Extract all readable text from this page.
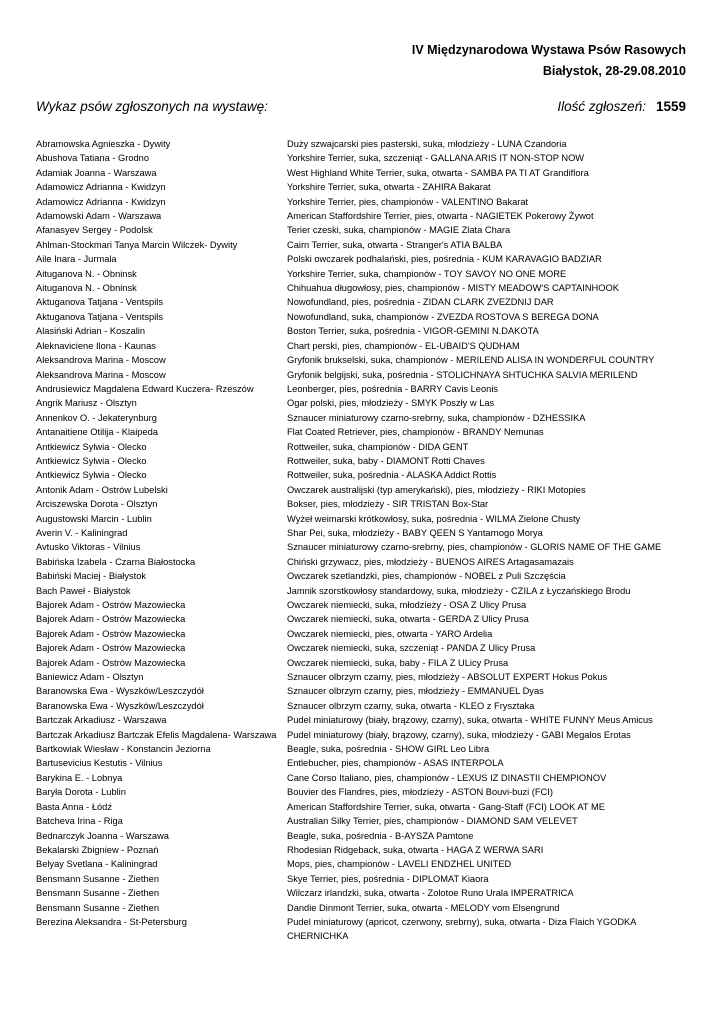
IV Międzynarodowa Wystawa Psów Rasowych
Białystok, 28-29.08.2010
Wykaz psów zgłoszonych na wystawę:	Ilość zgłoszeń: 1559
Abramowska Agnieszka - Dywity	Duży szwajcarski pies pasterski, suka, młodzieży - LUNA Czandoria
Abushova Tatiana - Grodno	Yorkshire Terrier, suka, szczeniąt - GALLANA ARIS IT NON-STOP NOW
Adamiak Joanna - Warszawa	West Highland White Terrier, suka, otwarta - SAMBA PA TI AT Grandiflora
Adamowicz Adrianna - Kwidzyn	Yorkshire Terrier, suka, otwarta - ZAHIRA Bakarat
Adamowicz Adrianna - Kwidzyn	Yorkshire Terrier, pies, championów - VALENTINO Bakarat
Adamowski Adam - Warszawa	American Staffordshire Terrier, pies, otwarta - NAGIETEK Pokerowy Żywot
Afanasyev Sergey - Podolsk	Terier czeski, suka, championów - MAGIE Zlata Chara
Ahlman-Stockmari Tanya Marcin Wilczek- Dywity	Cairn Terrier, suka, otwarta - Stranger's ATIA BALBA
Aile Inara - Jurmala	Polski owczarek podhalański, pies, pośrednia - KUM KARAVAGIO BADZIAR
Aituganova N. - Obninsk	Yorkshire Terrier, suka, championów - TOY SAVOY NO ONE MORE
Aituganova N. - Obninsk	Chihuahua długowłosy, pies, championów - MISTY MEADOW'S CAPTAINHOOK
Aktuganova Tatjana - Ventspils	Nowofundland, pies, pośrednia - ZIDAN CLARK ZVEZDNIJ DAR
Aktuganova Tatjana - Ventspils	Nowofundland, suka, championów - ZVEZDA ROSTOVA S BEREGA DONA
Alasiński Adrian - Koszalin	Boston Terrier, suka, pośrednia - VIGOR-GEMINI N.DAKOTA
Aleknaviciene Ilona - Kaunas	Chart perski, pies, championów - EL-UBAID'S QUDHAM
Aleksandrova Marina - Moscow	Gryfonik brukselski, suka, championów - MERILEND ALISA IN WONDERFUL COUNTRY
Aleksandrova Marina - Moscow	Gryfonik belgijski, suka, pośrednia - STOLICHNAYA SHTUCHKA SALVIA MERILEND
Andrusiewicz Magdalena Edward Kuczera- Rzeszów	Leonberger, pies, pośrednia - BARRY Cavis Leonis
Angrik Mariusz - Olsztyn	Ogar polski, pies, młodzieży - SMYK Poszły w Las
Annenkov O. - Jekaterynburg	Sznaucer miniaturowy czarno-srebrny, suka, championów - DZHESSIKA
Antanaitiene Otilija - Klaipeda	Flat Coated Retriever, pies, championów - BRANDY Nemunas
Antkiewicz Sylwia - Olecko	Rottweiler, suka, championów - DIDA GENT
Antkiewicz Sylwia - Olecko	Rottweiler, suka, baby - DIAMONT Rotti Chaves
Antkiewicz Sylwia - Olecko	Rottweiler, suka, pośrednia - ALASKA Addict Rottis
Antonik Adam - Ostrów Lubelski	Owczarek australijski (typ amerykański), pies, młodzieży - RIKI Motopies
Arciszewska Dorota - Olsztyn	Bokser, pies, młodzieży - SIR TRISTAN Box-Star
Augustowski Marcin - Lublin	Wyżeł weimarski krótkowłosy, suka, pośrednia - WILMA Zielone Chusty
Averin V. - Kaliningrad	Shar Pei, suka, młodzieży - BABY QEEN S Yantarnogo Morya
Avtusko Viktoras - Vilnius	Sznaucer miniaturowy czarno-srebrny, pies, championów - GLORIS NAME OF THE GAME
Babińska Izabela - Czarna Białostocka	Chiński grzywacz, pies, młodzieży - BUENOS AIRES Artagasamazais
Babiński Maciej - Białystok	Owczarek szetlandzki, pies, championów - NOBEL z Puli Szczęścia
Bach Paweł - Białystok	Jamnik szorstkowłosy standardowy, suka, młodzieży - CZILA z Łyczańskiego Brodu
Bajorek Adam - Ostrów Mazowiecka	Owczarek niemiecki, suka, młodzieży - OSA Z Ulicy Prusa
Bajorek Adam - Ostrów Mazowiecka	Owczarek niemiecki, suka, otwarta - GERDA Z Ulicy Prusa
Bajorek Adam - Ostrów Mazowiecka	Owczarek niemiecki, pies, otwarta - YARO Ardelia
Bajorek Adam - Ostrów Mazowiecka	Owczarek niemiecki, suka, szczeniąt - PANDA Z Ulicy Prusa
Bajorek Adam - Ostrów Mazowiecka	Owczarek niemiecki, suka, baby - FILA Z ULicy Prusa
Baniewicz Adam - Olsztyn	Sznaucer olbrzym czarny, pies, młodzieży - ABSOLUT EXPERT Hokus Pokus
Baranowska Ewa - Wyszków/Leszczydół	Sznaucer olbrzym czarny, pies, młodzieży - EMMANUEL Dyas
Baranowska Ewa - Wyszków/Leszczydół	Sznaucer olbrzym czarny, suka, otwarta - KLEO z Frysztaka
Bartczak Arkadiusz - Warszawa	Pudel miniaturowy (biały, brązowy, czarny), suka, otwarta - WHITE FUNNY Meus Amicus
Bartczak Arkadiusz Bartczak Efelis Magdalena- Warszawa	Pudel miniaturowy (biały, brązowy, czarny), suka, młodzieży - GABI Megalos Erotas
Bartkowiak Wiesław - Konstancin Jeziorna	Beagle, suka, pośrednia - SHOW GIRL Leo Libra
Bartusevicius Kestutis - Vilnius	Entlebucher, pies, championów - ASAS INTERPOLA
Barykina E. - Lobnya	Cane Corso Italiano, pies, championów - LEXUS IZ DINASTII CHEMPIONOV
Baryła Dorota - Lublin	Bouvier des Flandres, pies, młodzieży - ASTON Bouvi-buzi (FCI)
Basta Anna - Łódź	American Staffordshire Terrier, suka, otwarta - Gang-Staff (FCI) LOOK AT ME
Batcheva Irina - Riga	Australian Silky Terrier, pies, championów - DIAMOND SAM VELEVET
Bednarczyk Joanna - Warszawa	Beagle, suka, pośrednia - B-AYSZA Pamtone
Bekalarski Zbigniew - Poznań	Rhodesian Ridgeback, suka, otwarta - HAGA Z WERWA SARI
Belyay Svetlana - Kaliningrad	Mops, pies, championów - LAVELI ENDZHEL UNITED
Bensmann Susanne - Ziethen	Skye Terrier, pies, pośrednia - DIPLOMAT Kiaora
Bensmann Susanne - Ziethen	Wilczarz irlandzki, suka, otwarta - Zolotoe Runo Urala IMPERATRICA
Bensmann Susanne - Ziethen	Dandie Dinmont Terrier, suka, otwarta - MELODY vom Elsengrund
Berezina Aleksandra - St-Petersburg	Pudel miniaturowy (apricot, czerwony, srebrny), suka, otwarta - Diza Flaich YGODKA CHERNICHKA
